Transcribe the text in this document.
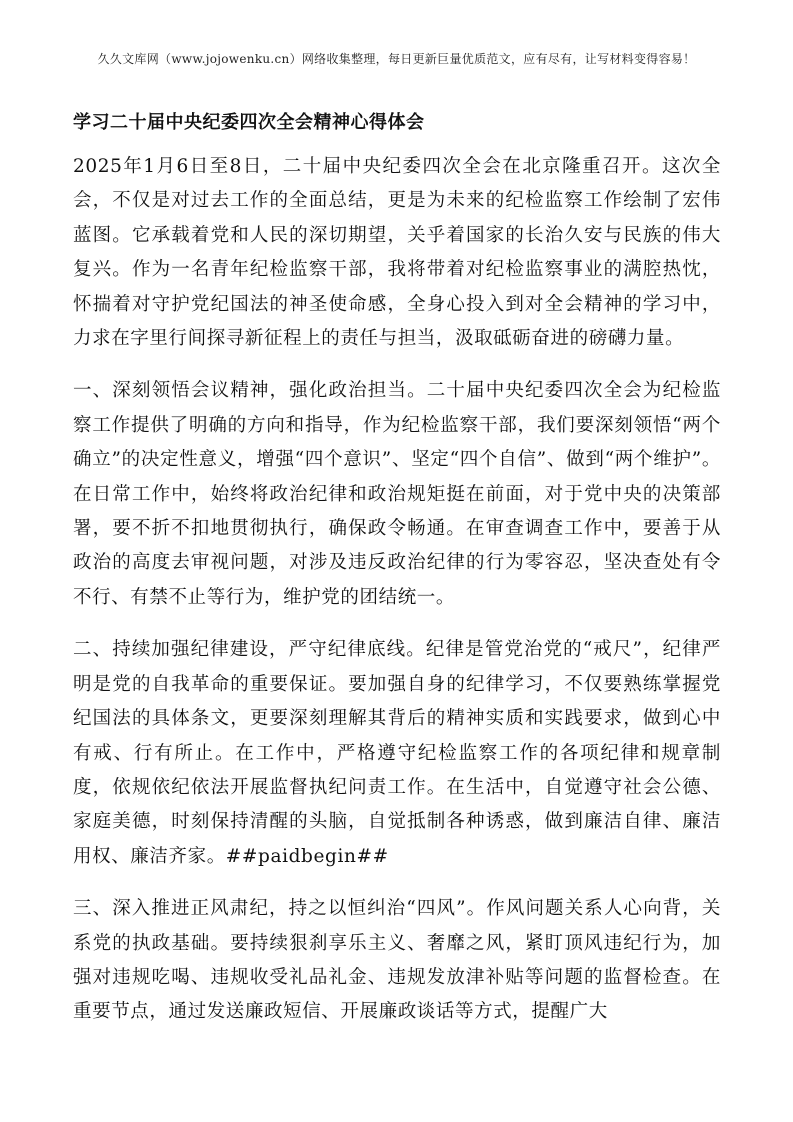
久久文库网（www.jojowenku.cn）网络收集整理，每日更新巨量优质范文，应有尽有，让写材料变得容易！
学习二十届中央纪委四次全会精神心得体会

2025年1月6日至8日，二十届中央纪委四次全会在北京隆重召开。这次全会，不仅是对过去工作的全面总结，更是为未来的纪检监察工作绘制了宏伟蓝图。它承载着党和人民的深切期望，关乎着国家的长治久安与民族的伟大复兴。作为一名青年纪检监察干部，我将带着对纪检监察事业的满腔热忱，怀揣着对守护党纪国法的神圣使命感，全身心投入到对全会精神的学习中，力求在字里行间探寻新征程上的责任与担当，汲取砥砺奋进的磅礴力量。

一、深刻领悟会议精神，强化政治担当。二十届中央纪委四次全会为纪检监察工作提供了明确的方向和指导，作为纪检监察干部，我们要深刻领悟“两个确立”的决定性意义，增强“四个意识”、坚定“四个自信”、做到“两个维护”。在日常工作中，始终将政治纪律和政治规矩挺在前面，对于党中央的决策部署，要不折不扣地贯彻执行，确保政令畅通。在审查调查工作中，要善于从政治的高度去审视问题，对涉及违反政治纪律的行为零容忍，坚决查处有令不行、有禁不止等行为，维护党的团结统一。

二、持续加强纪律建设，严守纪律底线。纪律是管党治党的“戒尺”，纪律严明是党的自我革命的重要保证。要加强自身的纪律学习，不仅要熟练掌握党纪国法的具体条文，更要深刻理解其背后的精神实质和实践要求，做到心中有戒、行有所止。在工作中，严格遵守纪检监察工作的各项纪律和规章制度，依规依纪依法开展监督执纪问责工作。在生活中，自觉遵守社会公德、家庭美德，时刻保持清醒的头脑，自觉抵制各种诱惑，做到廉洁自律、廉洁用权、廉洁齐家。##paidbegin##

三、深入推进正风肃纪，持之以恒纠治“四风”。作风问题关系人心向背，关系党的执政基础。要持续狠刹享乐主义、奢靡之风，紧盯顶风违纪行为，加强对违规吃喝、违规收受礼品礼金、违规发放津补贴等问题的监督检查。在重要节点，通过发送廉政短信、开展廉政谈话等方式，提醒广大
